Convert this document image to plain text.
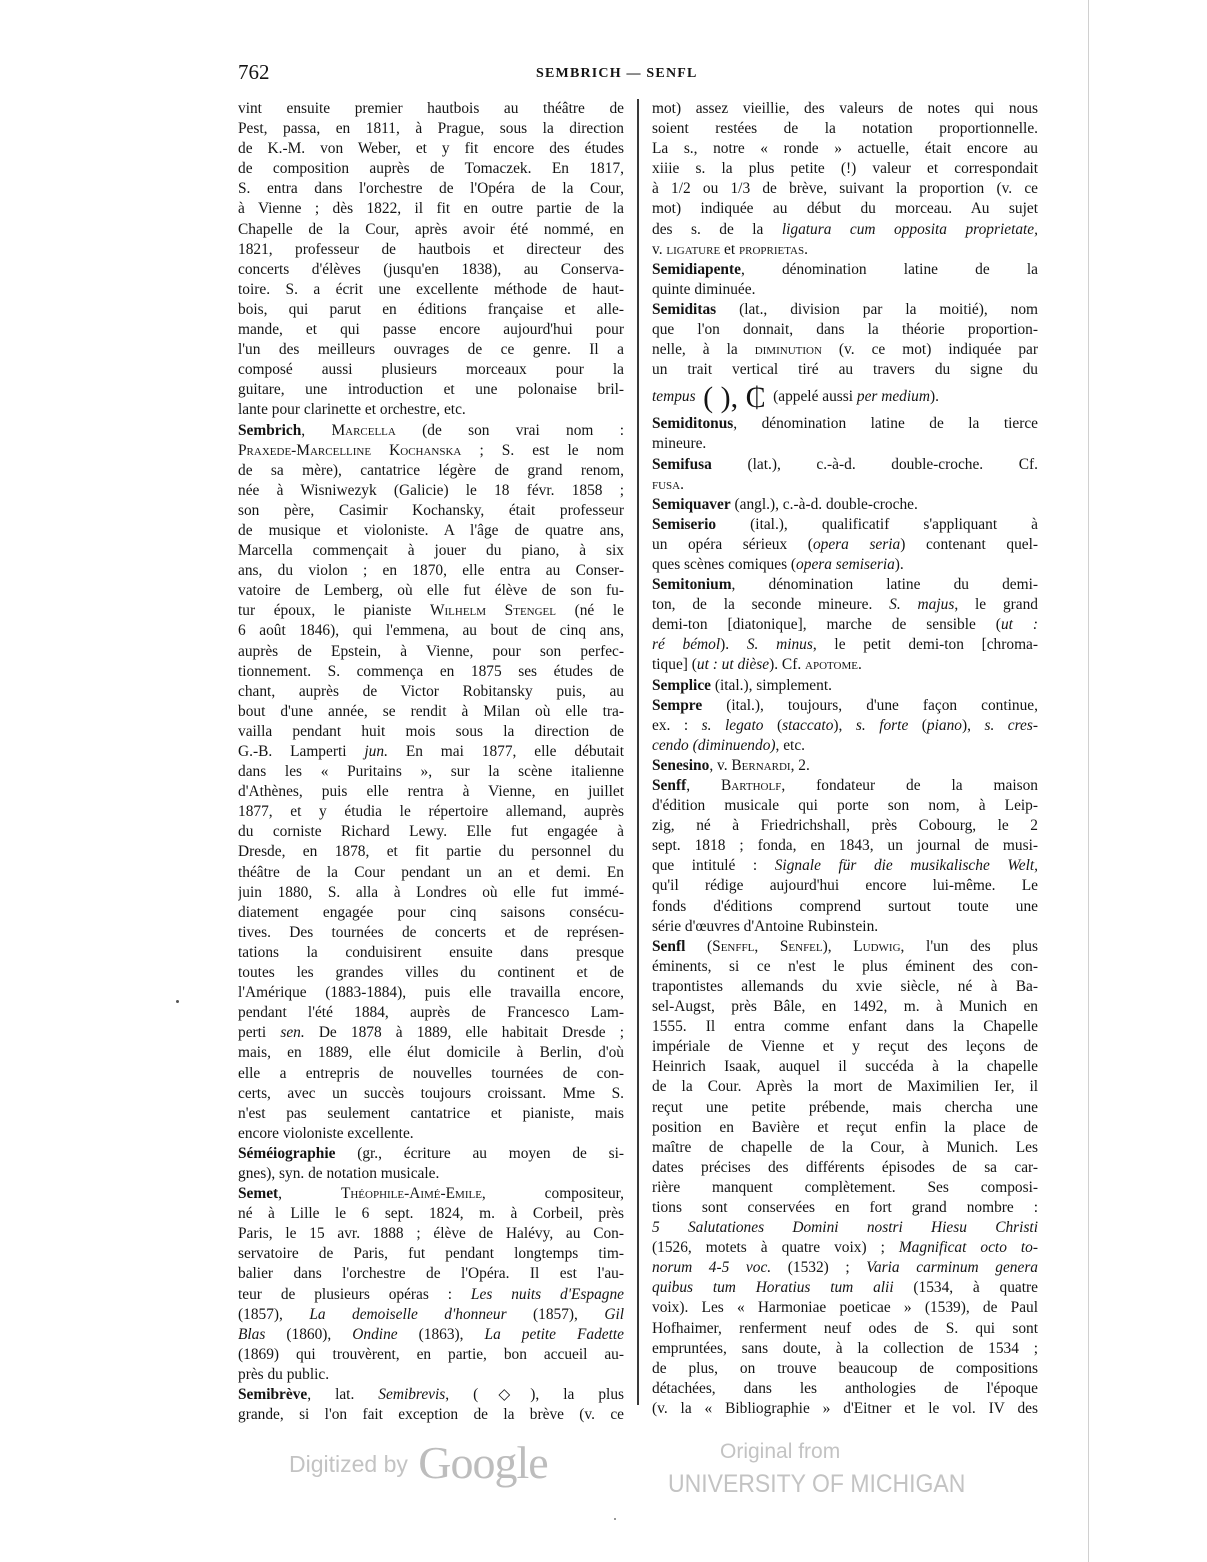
762	SEMBRICH — SENFL
vint ensuite premier hautbois au théâtre de
Pest, passa, en 1811, à Prague, sous la direction
de K.-M. von Weber, et y fit encore des études
de composition auprès de Tomaczek. En 1817,
S. entra dans l'orchestre de l'Opéra de la Cour,
à Vienne ; dès 1822, il fit en outre partie de la
Chapelle de la Cour, après avoir été nommé, en
1821, professeur de hautbois et directeur des
concerts d'élèves (jusqu'en 1838), au Conserva-
toire. S. a écrit une excellente méthode de haut-
bois, qui parut en éditions française et alle-
mande, et qui passe encore aujourd'hui pour
l'un des meilleurs ouvrages de ce genre. Il a
composé aussi plusieurs morceaux pour la
guitare, une introduction et une polonaise bril-
lante pour clarinette et orchestre, etc.
Sembrich, Marcella (de son vrai nom :
Praxede-Marcelline Kochanska ; S. est le nom
de sa mère), cantatrice légère de grand renom,
née à Wisniwezyk (Galicie) le 18 févr. 1858 ;
son père, Casimir Kochansky, était professeur
de musique et violoniste. A l'âge de quatre ans,
Marcella commençait à jouer du piano, à six
ans, du violon ; en 1870, elle entra au Conser-
vatoire de Lemberg, où elle fut élève de son fu-
tur époux, le pianiste Wilhelm Stengel (né le
6 août 1846), qui l'emmena, au bout de cinq ans,
auprès de Epstein, à Vienne, pour son perfec-
tionnement. S. commença en 1875 ses études de
chant, auprès de Victor Robitansky puis, au
bout d'une année, se rendit à Milan où elle tra-
vailla pendant huit mois sous la direction de
G.-B. Lamperti jun. En mai 1877, elle débutait
dans les « Puritains », sur la scène italienne
d'Athènes, puis elle rentra à Vienne, en juillet
1877, et y étudia le répertoire allemand, auprès
du corniste Richard Lewy. Elle fut engagée à
Dresde, en 1878, et fit partie du personnel du
théâtre de la Cour pendant un an et demi. En
juin 1880, S. alla à Londres où elle fut immé-
diatement engagée pour cinq saisons consécu-
tives. Des tournées de concerts et de représen-
tations la conduisirent ensuite dans presque
toutes les grandes villes du continent et de
l'Amérique (1883-1884), puis elle travailla encore,
pendant l'été 1884, auprès de Francesco Lam-
perti sen. De 1878 à 1889, elle habitait Dresde ;
mais, en 1889, elle élut domicile à Berlin, d'où
elle a entrepris de nouvelles tournées de con-
certs, avec un succès toujours croissant. Mme S.
n'est pas seulement cantatrice et pianiste, mais
encore violoniste excellente.
Séméiographie (gr., écriture au moyen de si-
gnes), syn. de notation musicale.
Semet, Théophile-Aimé-Emile, compositeur,
né à Lille le 6 sept. 1824, m. à Corbeil, près
Paris, le 15 avr. 1888 ; élève de Halévy, au Con-
servatoire de Paris, fut pendant longtemps tim-
balier dans l'orchestre de l'Opéra. Il est l'au-
teur de plusieurs opéras : Les nuits d'Espagne
(1857), La demoiselle d'honneur (1857), Gil
Blas (1860), Ondine (1863), La petite Fadette
(1869) qui trouvèrent, en partie, bon accueil au-
près du public.
Semibrève, lat. Semibrevis, (◇), la plus
grande, si l'on fait exception de la brève (v. ce
mot) assez vieillie, des valeurs de notes qui nous
soient restées de la notation proportionnelle.
La s., notre « ronde » actuelle, était encore au
xiiie s. la plus petite (!) valeur et correspondait
à 1/2 ou 1/3 de brève, suivant la proportion (v. ce
mot) indiquée au début du morceau. Au sujet
des s. de la ligatura cum opposita proprietate,
v. ligature et proprietas.
Semidiapente, dénomination latine de la
quinte diminuée.
Semiditas (lat., division par la moitié), nom
que l'on donnait, dans la théorie proportion-
nelle, à la diminution (v. ce mot) indiquée par
un trait vertical tiré au travers du signe du
tempus ( ), ₵ (appelé aussi per medium).
Semiditonus, dénomination latine de la tierce
mineure.
Semifusa (lat.), c.-à-d. double-croche. Cf.
fusa.
Semiquaver (angl.), c.-à-d. double-croche.
Semiserio (ital.), qualificatif s'appliquant à
un opéra sérieux (opera seria) contenant quel-
ques scènes comiques (opera semiseria).
Semitonium, dénomination latine du demi-
ton, de la seconde mineure. S. majus, le grand
demi-ton [diatonique], marche de sensible (ut :
ré bémol). S. minus, le petit demi-ton [chroma-
tique] (ut : ut dièse). Cf. apotome.
Semplice (ital.), simplement.
Sempre (ital.), toujours, d'une façon continue,
ex. : s. legato (staccato), s. forte (piano), s. cres-
cendo (diminuendo), etc.
Senesino, v. Bernardi, 2.
Senff, Bartholf, fondateur de la maison
d'édition musicale qui porte son nom, à Leip-
zig, né à Friedrichshall, près Cobourg, le 2
sept. 1818 ; fonda, en 1843, un journal de musi-
que intitulé : Signale für die musikalische Welt,
qu'il rédige aujourd'hui encore lui-même. Le
fonds d'éditions comprend surtout toute une
série d'œuvres d'Antoine Rubinstein.
Senfl (Senffl, Senfel), Ludwig, l'un des plus
éminents, si ce n'est le plus éminent des con-
trapontistes allemands du xvie siècle, né à Ba-
sel-Augst, près Bâle, en 1492, m. à Munich en
1555. Il entra comme enfant dans la Chapelle
impériale de Vienne et y reçut des leçons de
Heinrich Isaak, auquel il succéda à la chapelle
de la Cour. Après la mort de Maximilien Ier, il
reçut une petite prébende, mais chercha une
position en Bavière et reçut enfin la place de
maître de chapelle de la Cour, à Munich. Les
dates précises des différents épisodes de sa car-
rière manquent complètement. Ses composi-
tions sont conservées en fort grand nombre :
5 Salutationes Domini nostri Hiesu Christi
(1526, motets à quatre voix) ; Magnificat octo to-
norum 4-5 voc. (1532) ; Varia carminum genera
quibus tum Horatius tum alii (1534, à quatre
voix). Les « Harmoniae poeticae » (1539), de Paul
Hofhaimer, renferment neuf odes de S. qui sont
empruntées, sans doute, à la collection de 1534 ;
de plus, on trouve beaucoup de compositions
détachées, dans les anthologies de l'époque
(v. la « Bibliographie » d'Eitner et le vol. IV des
Digitized by Google	Original from
UNIVERSITY OF MICHIGAN
